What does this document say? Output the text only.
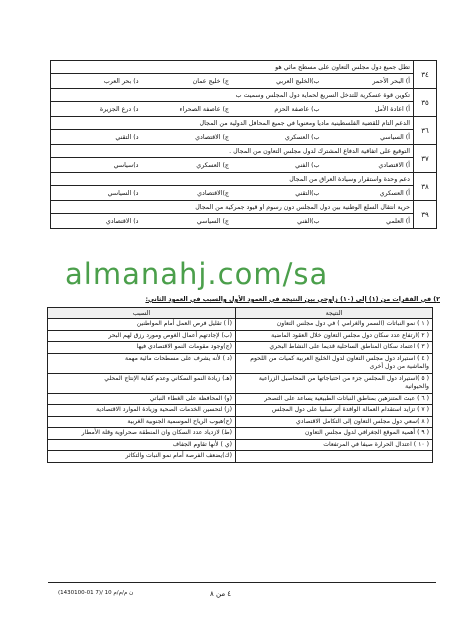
٣٤
تطل جميع دول مجلس التعاون على مسطح مائي هو
أ) البحر الأحمر
ب)الخليج العربي
ج) خليج عمان
د) بحر العرب
٣٥
تكوين قوة عسكرية للتدخل السريع لحماية دول المجلس وسميت ب
أ) اعادة الأمل
ب) عاصفة الحزم
ج) عاصفة الصحراء
د) درع الجزيرة
٣٦
الدعم التام للقضية الفلسطينية ماديا ومعنويا في جميع المحافل الدولية من المجال
أ) السياسي
ب) العسكري
ج) الاقتصادي
د) التقني
٣٧
التوقيع على اتفاقية الدفاع المشترك لدول مجلس التعاون من المجال .
أ) الاقتصادي
ب) الفني
ج) العسكري
د)سياسي
٣٨
دعم وحدة واستقرار وسيادة العراق من المجال
أ) العسكري
ب)التقني
ج)الاقتصادي
د) السياسي
٣٩
حرية انتقال السلع الوطنية بين دول المجلس دون رسوم او قيود جمركية من المجال
أ) العلمي
ب)الفني
ج) السياسي
د) الاقتصادي
almanahj.com/sa
٢) في الفقرات من (١) إلى (١٠) زاوجي بين النتيجة في العمود الأول والسبب في العمود الثاني:
النتيجة	السبب
( ١ ) نمو النباتات (السمر والغرامي ) في دول مجلس التعاون	(أ ) تقليل فرص العمل أمام المواطنين
( ٢ )ارتفاع عدد سكان دول مجلس التعاون خلال العقود الماضية	(ب) لإجادتهم أعمال الغوص ومورد رزق لهم البحر
( ٣ ) اعتماد سكان المناطق الساحلية قديما على النشاط البحري	(ج)وجود مقومات النمو الاقتصادي فيها
( ٤ ) استيراد دول مجلس التعاون لدول الخليج العربية كميات من اللحوم والماشية من دول أخرى	(د ) لأنه يشرف على مسطحات مائية مهمة
( ٥ )استيراد دول المجلس جزء من احتياجاتها من المحاصيل الزراعية والحيوانية	(هـ) زيادة النمو السكاني وعدم كفاية الإنتاج المحلي
( ٦ ) عبث المتنزهين بمناطق النباتات الطبيعية يساعد على التصحر	(و) المحافظة على الغطاء النباتي
( ٧ ) تزايد استقدام العمالة الوافدة أثر سلبيا على دول المجلس	(ز) لتحسين الخدمات الصحية وزيادة الموارد الاقتصادية
( ٨ )سعي دول مجلس التعاون إلى التكامل الاقتصادي	(ح)هبوب الرياح الموسمية الجنوبية الغربية
( ٩ ) أهمية الموقع الجغرافي لدول مجلس التعاون	(ط) لازدياد عدد السكان وان المنطقة صحراوية وقلة الأمطار
( ١٠ ) اعتدال الحرارة صيفا في المرتفعات	(ي ) لأنها تقاوم الجفاف
	(ك)يضعف الفرصة أمام نمو النبات والتكاثر
٤ من ٨
ن م/م/م 10 /(7 01-1430100)
